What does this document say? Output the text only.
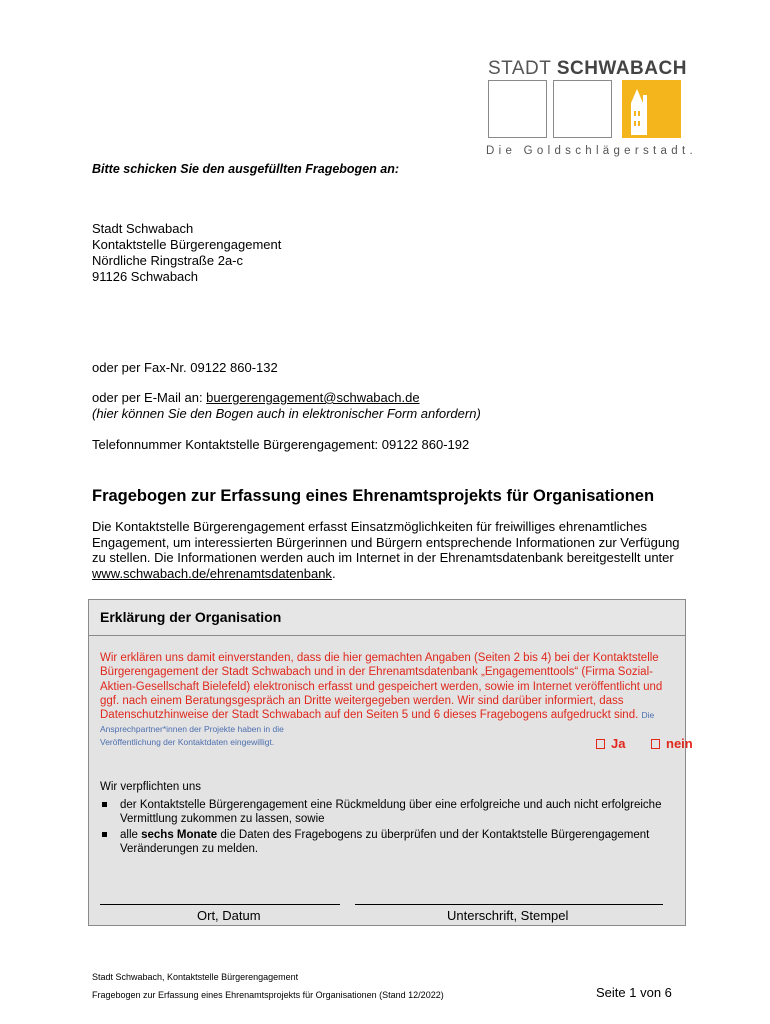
STADT SCHWABACH
Die Goldschlägerstadt.
Bitte schicken Sie den ausgefüllten Fragebogen an:
Stadt Schwabach
Kontaktstelle Bürgerengagement
Nördliche Ringstraße 2a-c
91126 Schwabach
oder per Fax-Nr. 09122 860-132
oder per E-Mail an: buergerengagement@schwabach.de
(hier können Sie den Bogen auch in elektronischer Form anfordern)
Telefonnummer Kontaktstelle Bürgerengagement: 09122 860-192
Fragebogen zur Erfassung eines Ehrenamtsprojekts für Organisationen
Die Kontaktstelle Bürgerengagement erfasst Einsatzmöglichkeiten für freiwilliges ehrenamtliches Engagement, um interessierten Bürgerinnen und Bürgern entsprechende Informationen zur Verfügung zu stellen. Die Informationen werden auch im Internet in der Ehrenamtsdatenbank bereitgestellt unter www.schwabach.de/ehrenamtsdatenbank.
Erklärung der Organisation
Wir erklären uns damit einverstanden, dass die hier gemachten Angaben (Seiten 2 bis 4) bei der Kontaktstelle Bürgerengagement der Stadt Schwabach und in der Ehrenamtsdatenbank „Engagementtools“ (Firma Sozial-Aktien-Gesellschaft Bielefeld) elektronisch erfasst und gespeichert werden, sowie im Internet veröffentlicht und ggf. nach einem Beratungsgespräch an Dritte weitergegeben werden. Wir sind darüber informiert, dass Datenschutzhinweise der Stadt Schwabach auf den Seiten 5 und 6 dieses Fragebogens aufgedruckt sind. Die Ansprechpartner*innen der Projekte haben in die
Veröffentlichung der Kontaktdaten eingewilligt.	Ja	nein
Wir verpflichten uns
der Kontaktstelle Bürgerengagement eine Rückmeldung über eine erfolgreiche und auch nicht erfolgreiche Vermittlung zukommen zu lassen, sowie
alle sechs Monate die Daten des Fragebogens zu überprüfen und der Kontaktstelle Bürgerengagement Veränderungen zu melden.
Ort, Datum	Unterschrift, Stempel
Stadt Schwabach, Kontaktstelle Bürgerengagement
Fragebogen zur Erfassung eines Ehrenamtsprojekts für Organisationen (Stand 12/2022)	Seite 1 von 6
